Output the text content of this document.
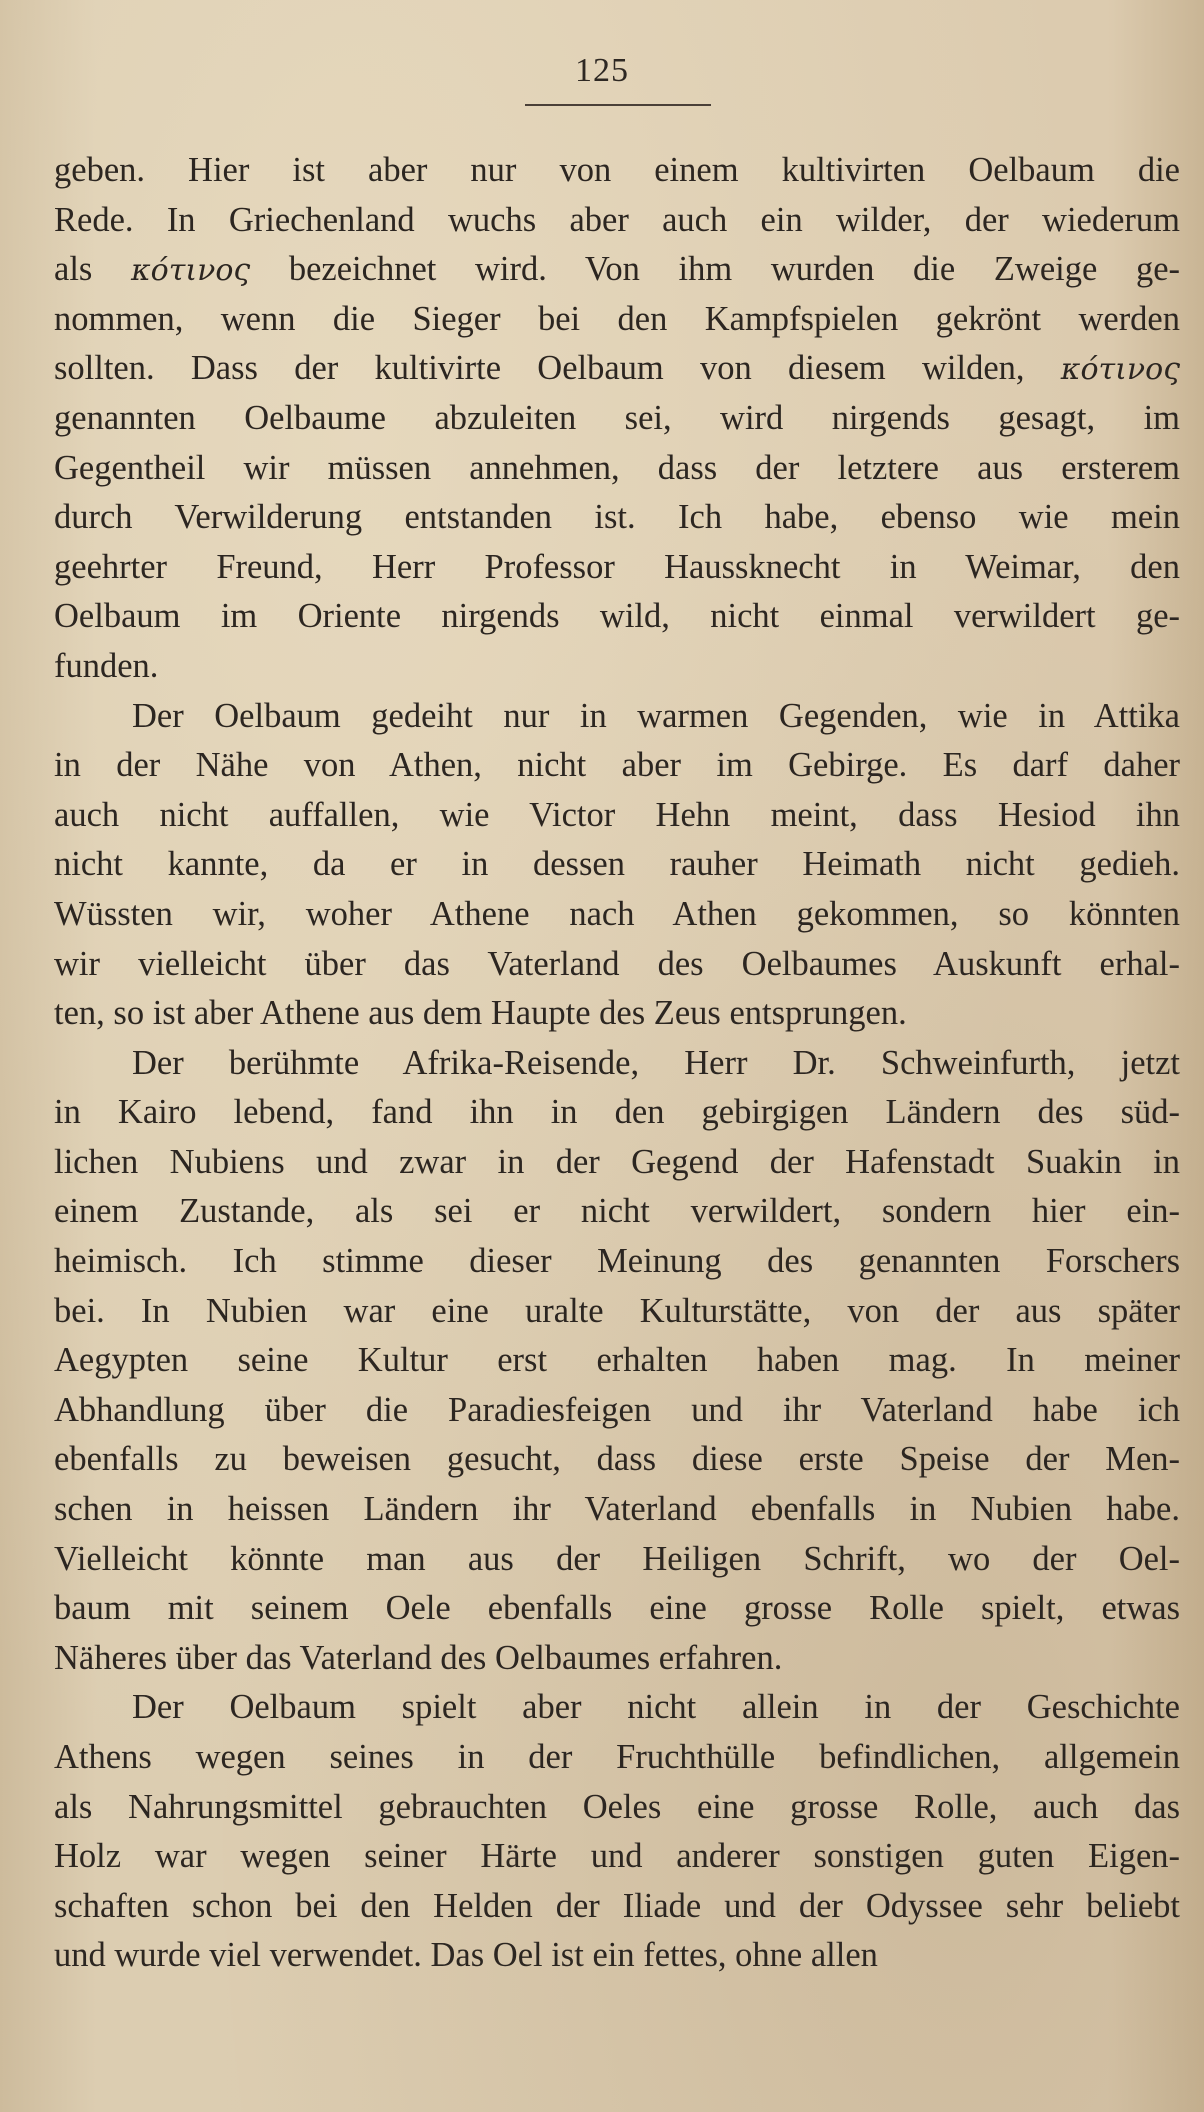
125
geben. Hier ist aber nur von einem kultivirten Oelbaum die
Rede. In Griechenland wuchs aber auch ein wilder, der wiederum
als κότινος bezeichnet wird. Von ihm wurden die Zweige ge-
nommen, wenn die Sieger bei den Kampfspielen gekrönt werden
sollten. Dass der kultivirte Oelbaum von diesem wilden, κότινος
genannten Oelbaume abzuleiten sei, wird nirgends gesagt, im
Gegentheil wir müssen annehmen, dass der letztere aus ersterem
durch Verwilderung entstanden ist. Ich habe, ebenso wie mein
geehrter Freund, Herr Professor Haussknecht in Weimar, den
Oelbaum im Oriente nirgends wild, nicht einmal verwildert ge-
funden.
Der Oelbaum gedeiht nur in warmen Gegenden, wie in Attika
in der Nähe von Athen, nicht aber im Gebirge. Es darf daher
auch nicht auffallen, wie Victor Hehn meint, dass Hesiod ihn
nicht kannte, da er in dessen rauher Heimath nicht gedieh.
Wüssten wir, woher Athene nach Athen gekommen, so könnten
wir vielleicht über das Vaterland des Oelbaumes Auskunft erhal-
ten, so ist aber Athene aus dem Haupte des Zeus entsprungen.
Der berühmte Afrika-Reisende, Herr Dr. Schweinfurth, jetzt
in Kairo lebend, fand ihn in den gebirgigen Ländern des süd-
lichen Nubiens und zwar in der Gegend der Hafenstadt Suakin in
einem Zustande, als sei er nicht verwildert, sondern hier ein-
heimisch. Ich stimme dieser Meinung des genannten Forschers
bei. In Nubien war eine uralte Kulturstätte, von der aus später
Aegypten seine Kultur erst erhalten haben mag. In meiner
Abhandlung über die Paradiesfeigen und ihr Vaterland habe ich
ebenfalls zu beweisen gesucht, dass diese erste Speise der Men-
schen in heissen Ländern ihr Vaterland ebenfalls in Nubien habe.
Vielleicht könnte man aus der Heiligen Schrift, wo der Oel-
baum mit seinem Oele ebenfalls eine grosse Rolle spielt, etwas
Näheres über das Vaterland des Oelbaumes erfahren.
Der Oelbaum spielt aber nicht allein in der Geschichte
Athens wegen seines in der Fruchthülle befindlichen, allgemein
als Nahrungsmittel gebrauchten Oeles eine grosse Rolle, auch das
Holz war wegen seiner Härte und anderer sonstigen guten Eigen-
schaften schon bei den Helden der Iliade und der Odyssee sehr beliebt
und wurde viel verwendet. Das Oel ist ein fettes, ohne allen
